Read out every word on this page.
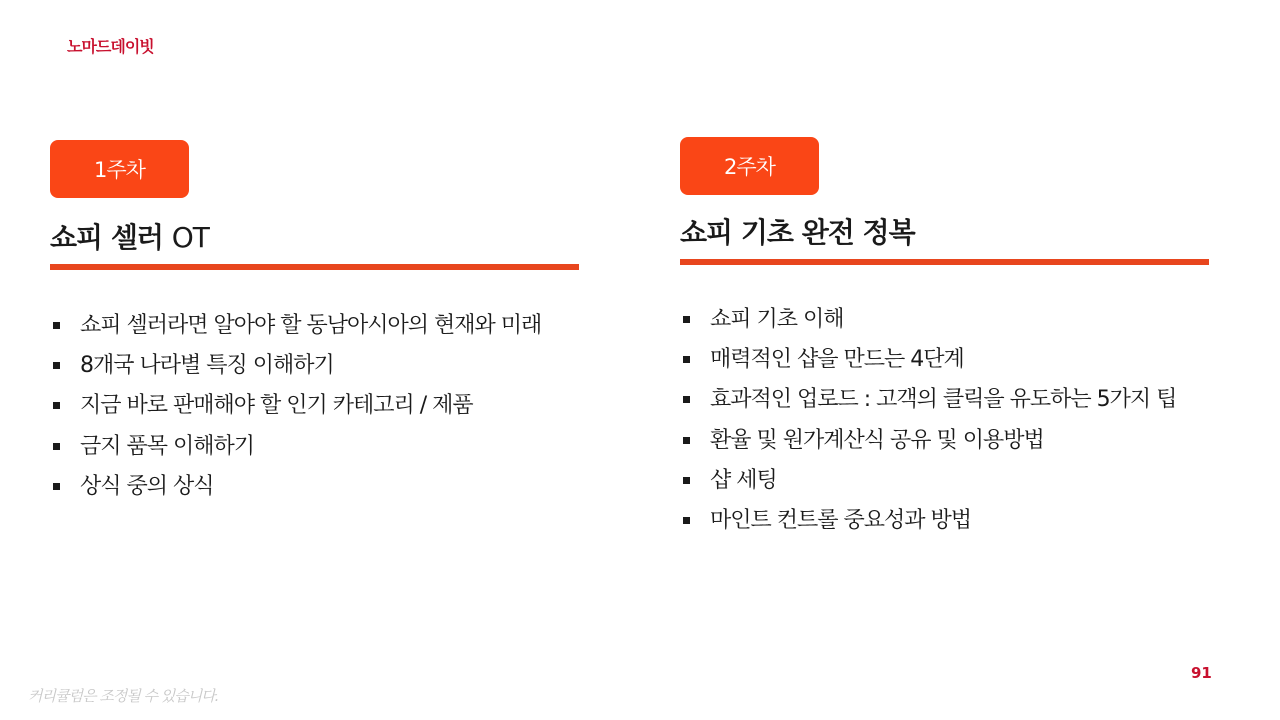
노마드데이빗
1주차
쇼피 셀러 OT
쇼피 셀러라면 알아야 할 동남아시아의 현재와 미래
8개국 나라별 특징 이해하기
지금 바로 판매해야 할 인기 카테고리 / 제품
금지 품목 이해하기
상식 중의 상식
2주차
쇼피 기초 완전 정복
쇼피 기초 이해
매력적인 샵을 만드는 4단계
효과적인 업로드 : 고객의 클릭을 유도하는 5가지 팁
환율 및 원가계산식 공유 및 이용방법
샵 세팅
마인트 컨트롤 중요성과 방법
91
커리큘럼은 조정될 수 있습니다.
